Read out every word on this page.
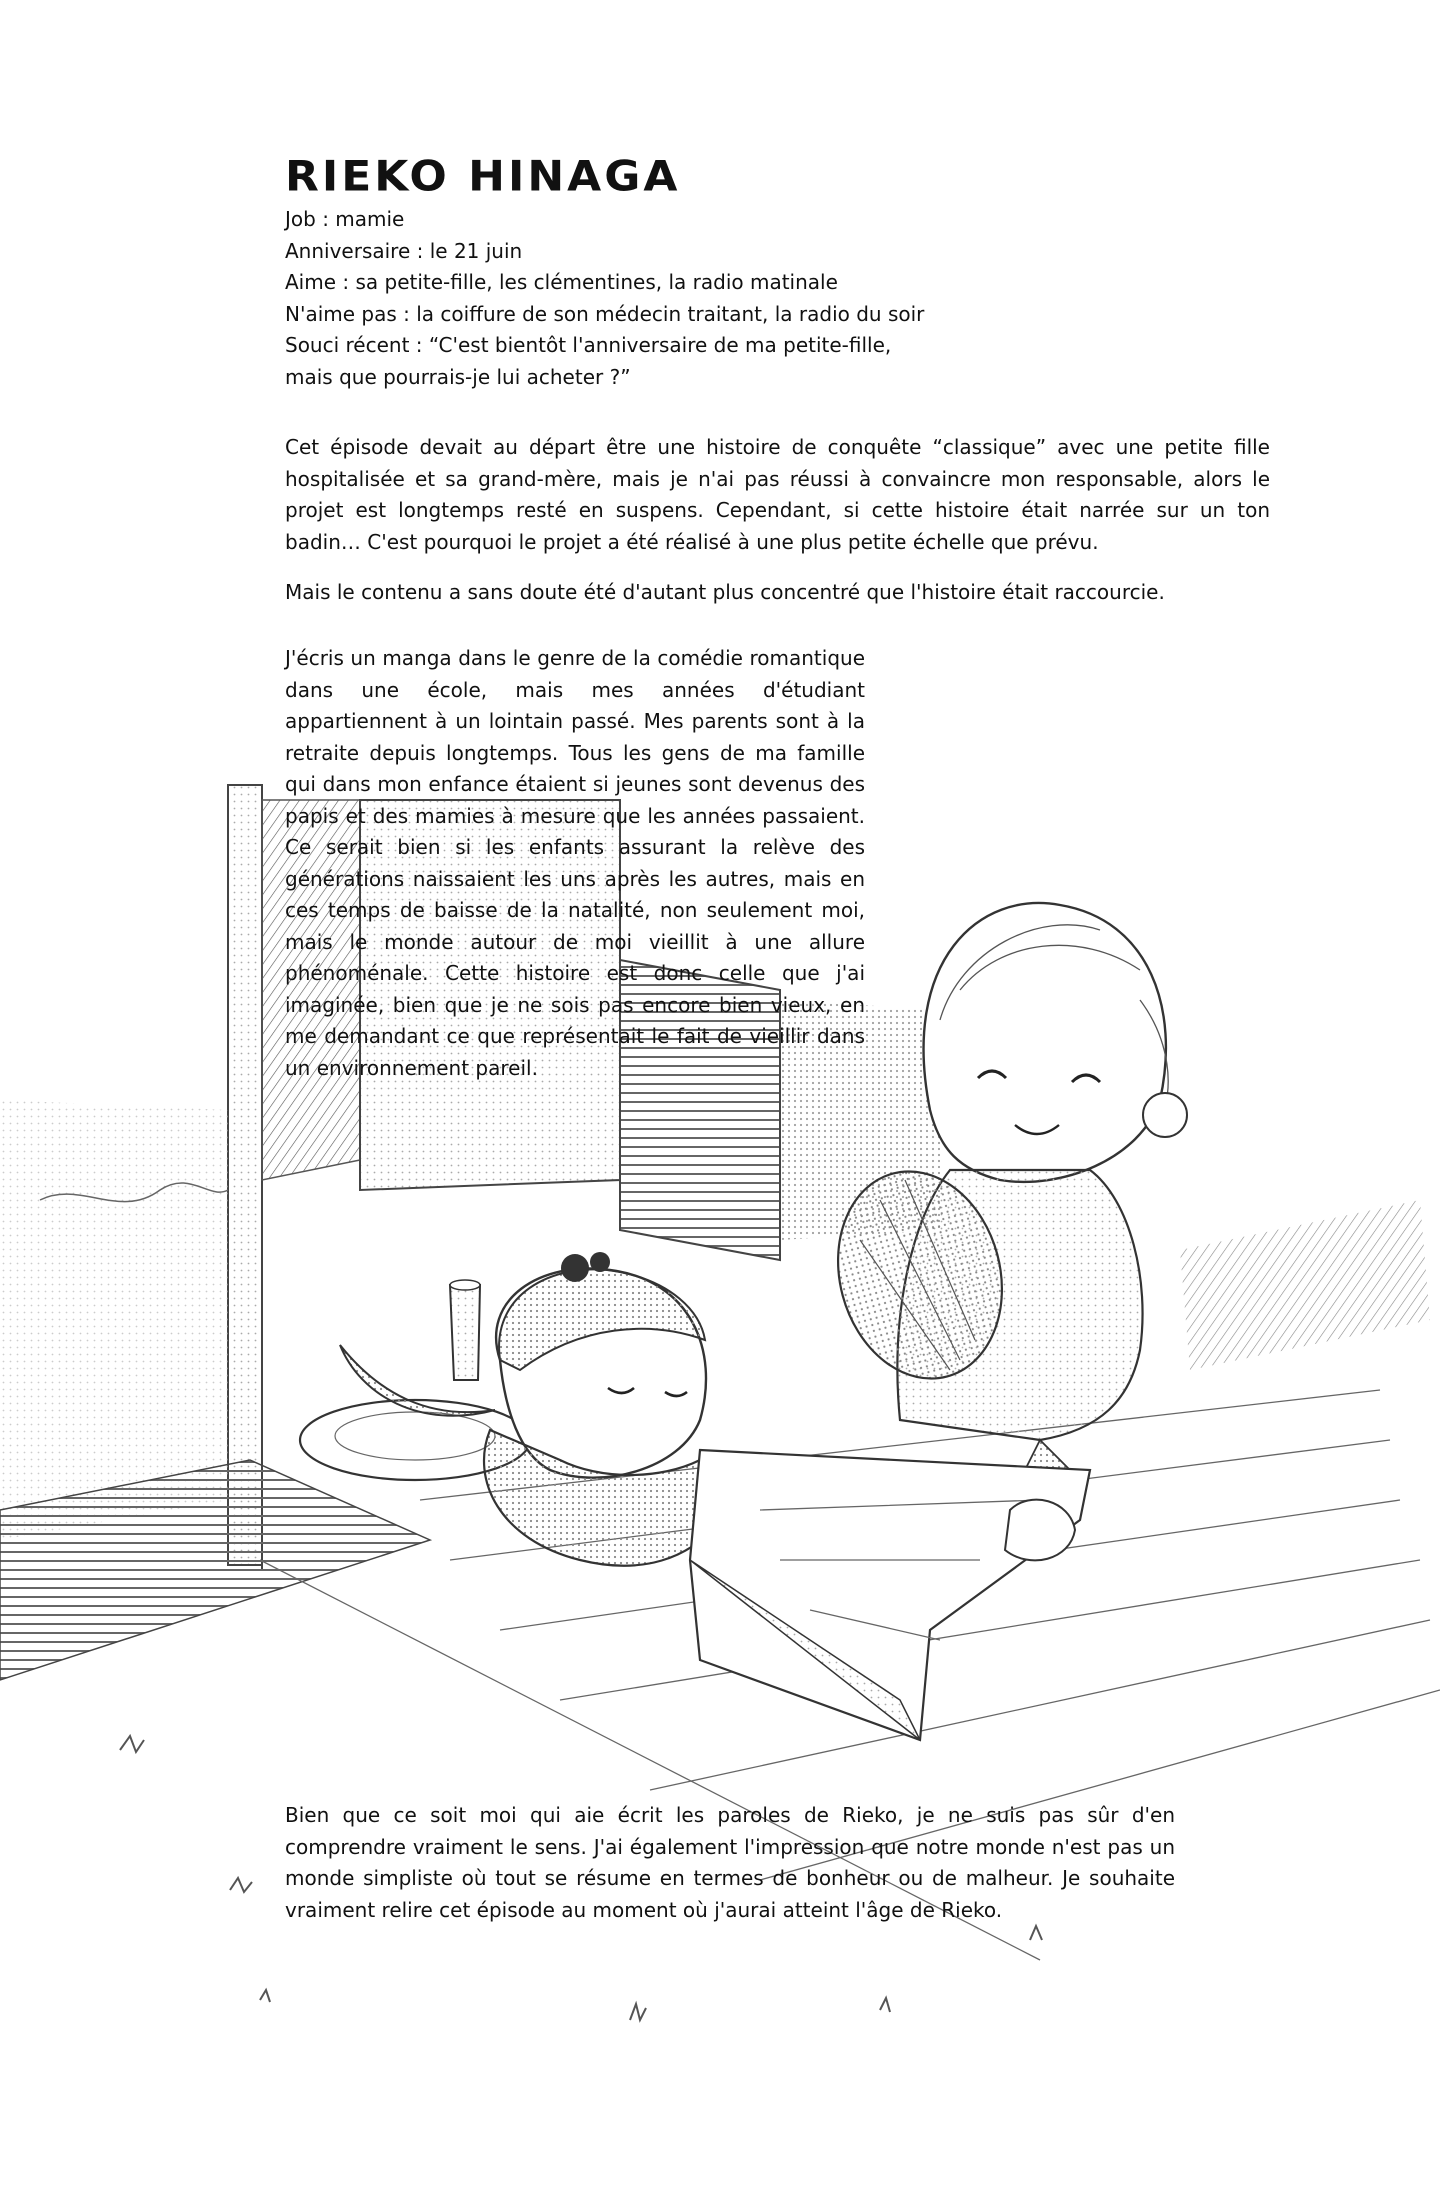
RIEKO HINAGA
Job : mamie
Anniversaire : le 21 juin
Aime : sa petite-fille, les clémentines, la radio matinale
N'aime pas : la coiffure de son médecin traitant, la radio du soir
Souci récent : “C'est bientôt l'anniversaire de ma petite-fille,
mais que pourrais-je lui acheter ?”

Cet épisode devait au départ être une histoire de conquête “classique” avec une petite fille hospitalisée et sa grand-mère, mais je n'ai pas réussi à convaincre mon responsable, alors le projet est longtemps resté en suspens. Cependant, si cette histoire était narrée sur un ton badin… C'est pourquoi le projet a été réalisé à une plus petite échelle que prévu.

Mais le contenu a sans doute été d'autant plus concentré que l'histoire était raccourcie.

J'écris un manga dans le genre de la comédie romantique dans une école, mais mes années d'étudiant appartiennent à un lointain passé. Mes parents sont à la retraite depuis longtemps. Tous les gens de ma famille qui dans mon enfance étaient si jeunes sont devenus des papis et des mamies à mesure que les années passaient. Ce serait bien si les enfants assurant la relève des générations naissaient les uns après les autres, mais en ces temps de baisse de la natalité, non seulement moi, mais le monde autour de moi vieillit à une allure phénoménale. Cette histoire est donc celle que j'ai imaginée, bien que je ne sois pas encore bien vieux, en me demandant ce que représentait le fait de vieillir dans un environnement pareil.

Bien que ce soit moi qui aie écrit les paroles de Rieko, je ne suis pas sûr d'en comprendre vraiment le sens. J'ai également l'impression que notre monde n'est pas un monde simpliste où tout se résume en termes de bonheur ou de malheur. Je souhaite vraiment relire cet épisode au moment où j'aurai atteint l'âge de Rieko.
